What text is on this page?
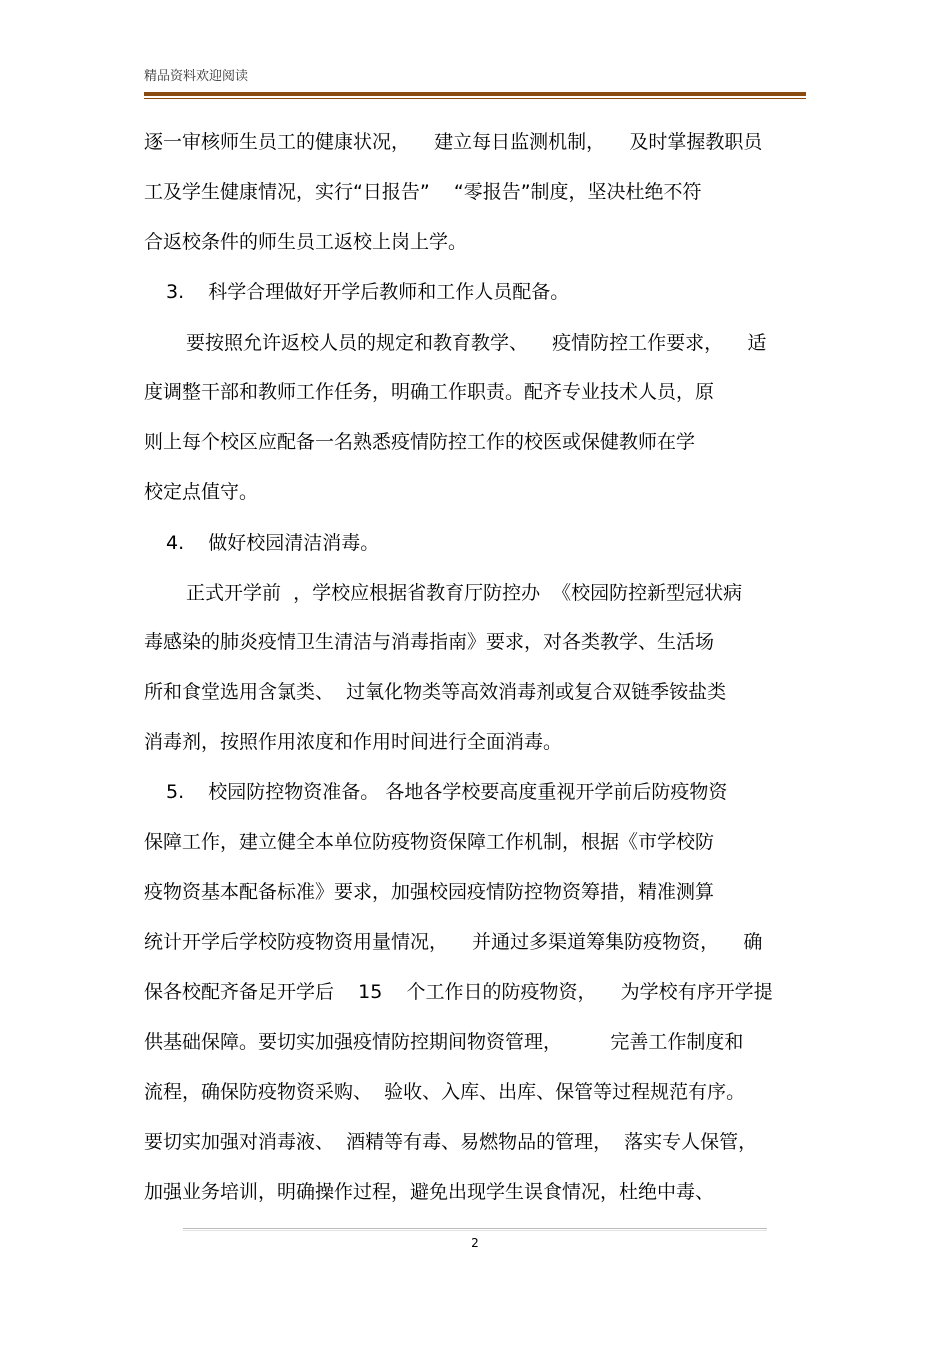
精品资料欢迎阅读
逐一审核师生员工的健康状况，    建立每日监测机制，    及时掌握教职员
工及学生健康情况，实行“日报告”    “零报告”制度，坚决杜绝不符
合返校条件的师生员工返校上岗上学。
3.    科学合理做好开学后教师和工作人员配备。
要按照允许返校人员的规定和教育教学、    疫情防控工作要求，    适
度调整干部和教师工作任务，明确工作职责。配齐专业技术人员，原
则上每个校区应配备一名熟悉疫情防控工作的校医或保健教师在学
校定点值守。
4.    做好校园清洁消毒。
正式开学前  ，学校应根据省教育厅防控办  《校园防控新型冠状病
毒感染的肺炎疫情卫生清洁与消毒指南》要求，对各类教学、生活场
所和食堂选用含氯类、  过氧化物类等高效消毒剂或复合双链季铵盐类
消毒剂，按照作用浓度和作用时间进行全面消毒。
5.    校园防控物资准备。 各地各学校要高度重视开学前后防疫物资
保障工作，建立健全本单位防疫物资保障工作机制，根据《市学校防
疫物资基本配备标准》要求，加强校园疫情防控物资筹措，精准测算
统计开学后学校防疫物资用量情况，    并通过多渠道筹集防疫物资，    确
保各校配齐备足开学后    15    个工作日的防疫物资，    为学校有序开学提
供基础保障。要切实加强疫情防控期间物资管理，        完善工作制度和
流程，确保防疫物资采购、  验收、入库、出库、保管等过程规范有序。
要切实加强对消毒液、  酒精等有毒、易燃物品的管理，  落实专人保管，
加强业务培训，明确操作过程，避免出现学生误食情况，杜绝中毒、
2
